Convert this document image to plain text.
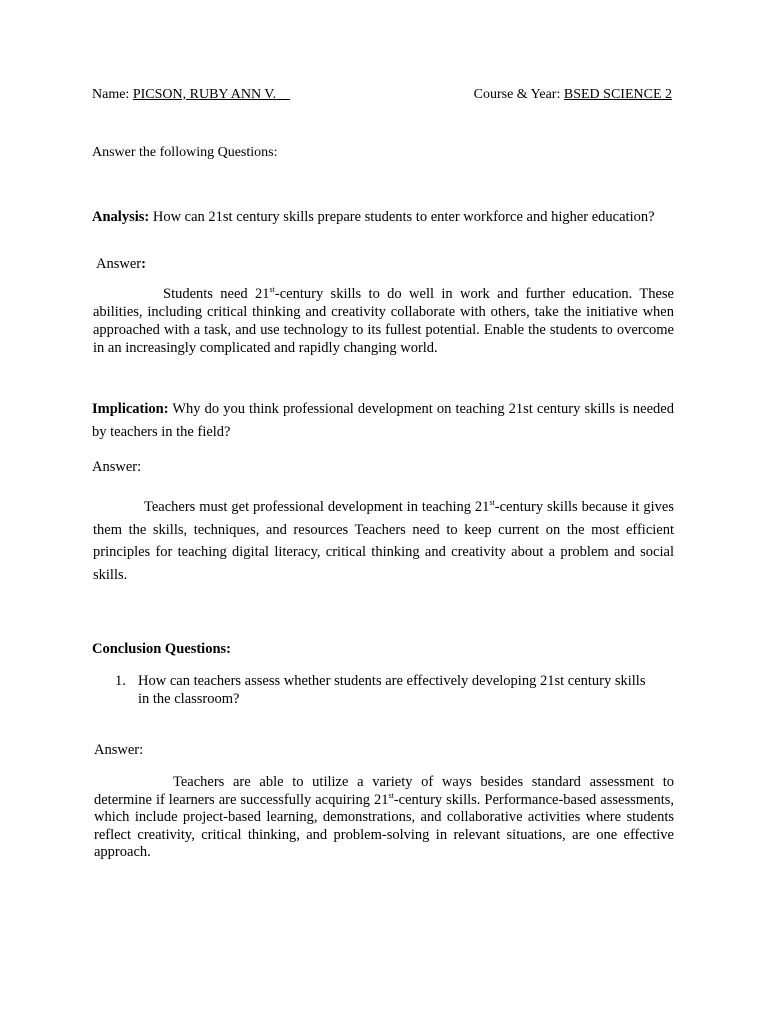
Name: PICSON, RUBY ANN V.	Course & Year: BSED SCIENCE 2
Answer the following Questions:
Analysis: How can 21st century skills prepare students to enter workforce and higher education?
Answer:
Students need 21st-century skills to do well in work and further education. These abilities, including critical thinking and creativity collaborate with others, take the initiative when approached with a task, and use technology to its fullest potential. Enable the students to overcome in an increasingly complicated and rapidly changing world.
Implication: Why do you think professional development on teaching 21st century skills is needed by teachers in the field?
Answer:
Teachers must get professional development in teaching 21st-century skills because it gives them the skills, techniques, and resources Teachers need to keep current on the most efficient principles for teaching digital literacy, critical thinking and creativity about a problem and social skills.
Conclusion Questions:
1. How can teachers assess whether students are effectively developing 21st century skills in the classroom?
Answer:
Teachers are able to utilize a variety of ways besides standard assessment to determine if learners are successfully acquiring 21st-century skills. Performance-based assessments, which include project-based learning, demonstrations, and collaborative activities where students reflect creativity, critical thinking, and problem-solving in relevant situations, are one effective approach.
